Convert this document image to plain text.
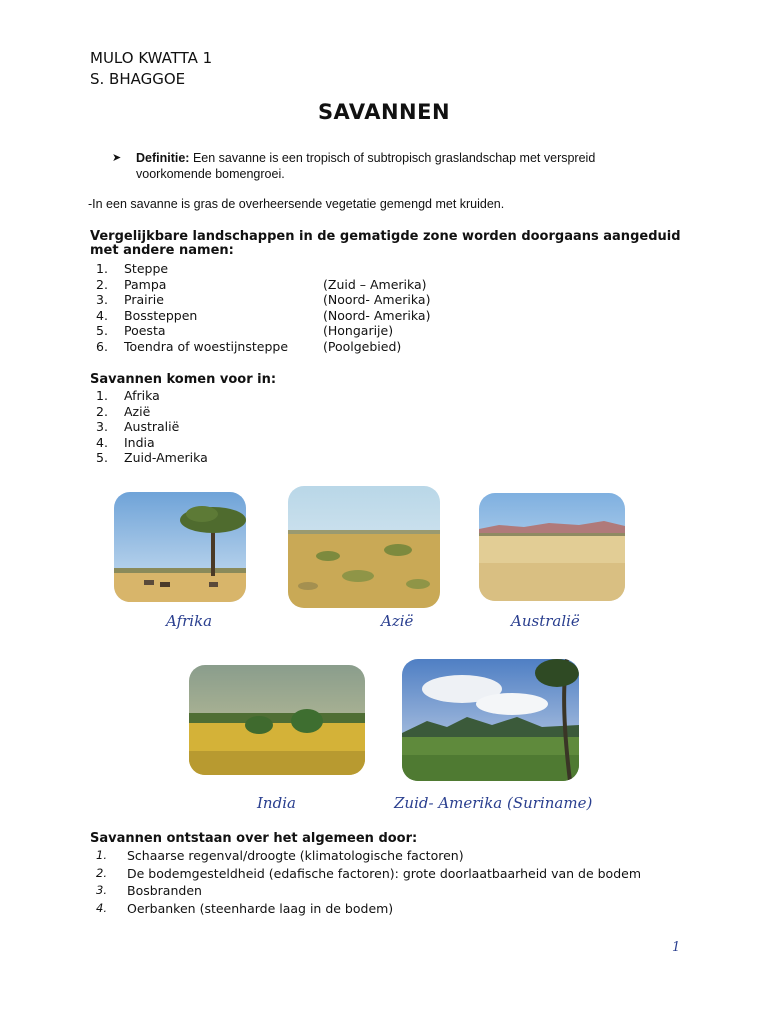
MULO KWATTA 1
S. BHAGGOE
SAVANNEN
➤ Definitie: Een savanne is een tropisch of subtropisch graslandschap met verspreid voorkomende bomengroei.
-In een savanne is gras de overheersende vegetatie gemengd met kruiden.
Vergelijkbare landschappen in de gematigde zone worden doorgaans aangeduid met andere namen:
1. Steppe
2. Pampa	(Zuid – Amerika)
3. Prairie	(Noord- Amerika)
4. Bossteppen	(Noord- Amerika)
5. Poesta	(Hongarije)
6. Toendra of woestijnsteppe	(Poolgebied)
Savannen komen voor in:
1. Afrika
2. Azië
3. Australië
4. India
5. Zuid-Amerika
Afrika	Azië	Australië
India	Zuid- Amerika (Suriname)
Savannen ontstaan over het algemeen door:
1. Schaarse regenval/droogte (klimatologische factoren)
2. De bodemgesteldheid (edafische factoren): grote doorlaatbaarheid van de bodem
3. Bosbranden
4. Oerbanken (steenharde laag in de bodem)
1
